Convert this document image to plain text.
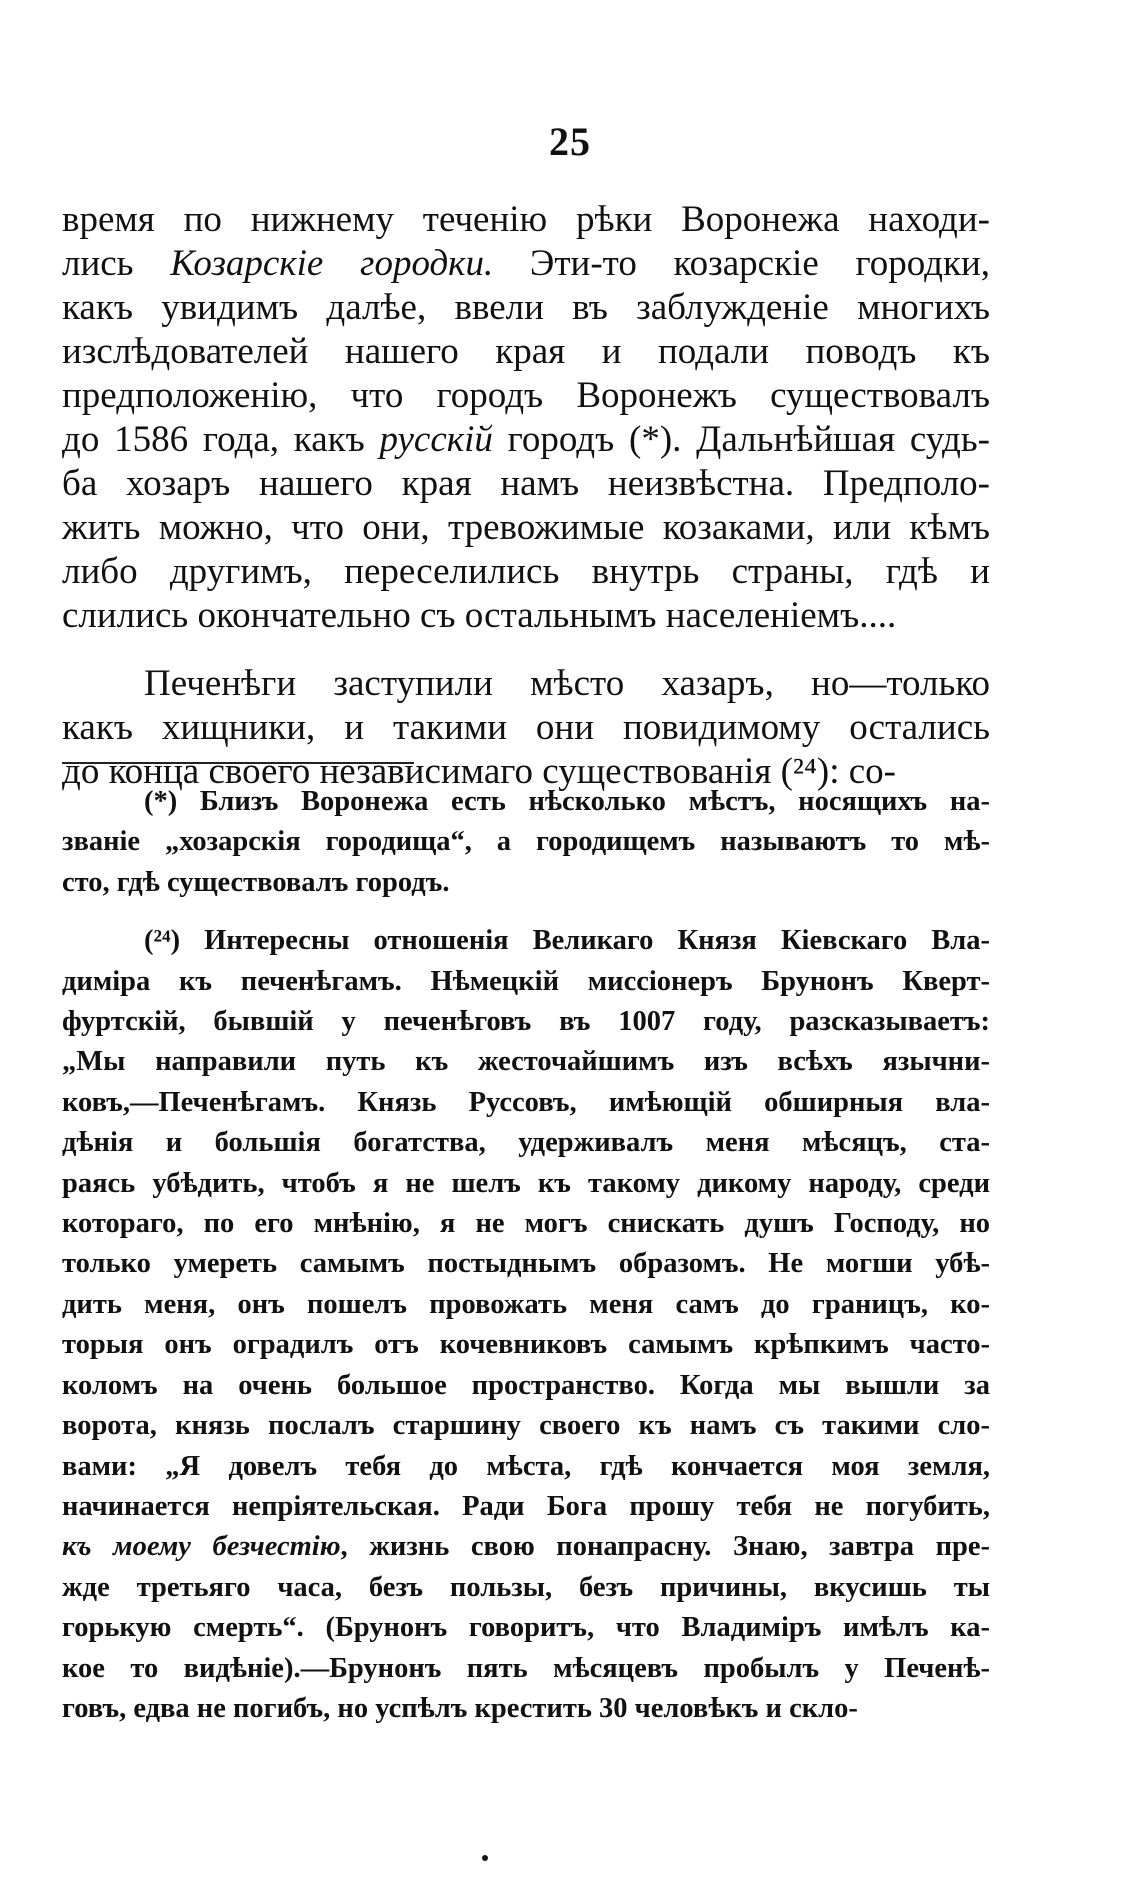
25
время по нижнему теченію рѣки Воронежа находи-
лись Козарскіе городки. Эти-то козарскіе городки,
какъ увидимъ далѣе, ввели въ заблужденіе многихъ
изслѣдователей нашего края и подали поводъ къ
предположенію, что городъ Воронежъ существовалъ
до 1586 года, какъ русскій городъ (*). Дальнѣйшая судь-
ба хозаръ нашего края намъ неизвѣстна. Предполо-
жить можно, что они, тревожимые козаками, или кѣмъ
либо другимъ, переселились внутрь страны, гдѣ и
слились окончательно съ остальнымъ населеніемъ....
Печенѣги заступили мѣсто хазаръ, но—только
какъ хищники, и такими они повидимому остались
до конца своего независимаго существованія (²⁴): со-
(*) Близъ Воронежа есть нѣсколько мѣстъ, носящихъ на-
званіе „хозарскія городища“, а городищемъ называютъ то мѣ-
сто, гдѣ существовалъ городъ.
(²⁴) Интересны отношенія Великаго Князя Кіевскаго Вла-
диміра къ печенѣгамъ. Нѣмецкій миссіонеръ Брунонъ Кверт-
фуртскій, бывшій у печенѣговъ въ 1007 году, разсказываетъ:
„Мы направили путь къ жесточайшимъ изъ всѣхъ язычни-
ковъ,—Печенѣгамъ. Князь Руссовъ, имѣющій обширныя вла-
дѣнія и большія богатства, удерживалъ меня мѣсяцъ, ста-
раясь убѣдить, чтобъ я не шелъ къ такому дикому народу, среди
котораго, по его мнѣнію, я не могъ снискать душъ Господу, но
только умереть самымъ постыднымъ образомъ. Не могши убѣ-
дить меня, онъ пошелъ провожать меня самъ до границъ, ко-
торыя онъ оградилъ отъ кочевниковъ самымъ крѣпкимъ часто-
коломъ на очень большое пространство. Когда мы вышли за
ворота, князь послалъ старшину своего къ намъ съ такими сло-
вами: „Я довелъ тебя до мѣста, гдѣ кончается моя земля,
начинается непріятельская. Ради Бога прошу тебя не погубить,
къ моему безчестію, жизнь свою понапрасну. Знаю, завтра пре-
жде третьяго часа, безъ пользы, безъ причины, вкусишь ты
горькую смерть“. (Брунонъ говоритъ, что Владиміръ имѣлъ ка-
кое то видѣніе).—Брунонъ пять мѣсяцевъ пробылъ у Печенѣ-
говъ, едва не погибъ, но успѣлъ крестить 30 человѣкъ и скло-
